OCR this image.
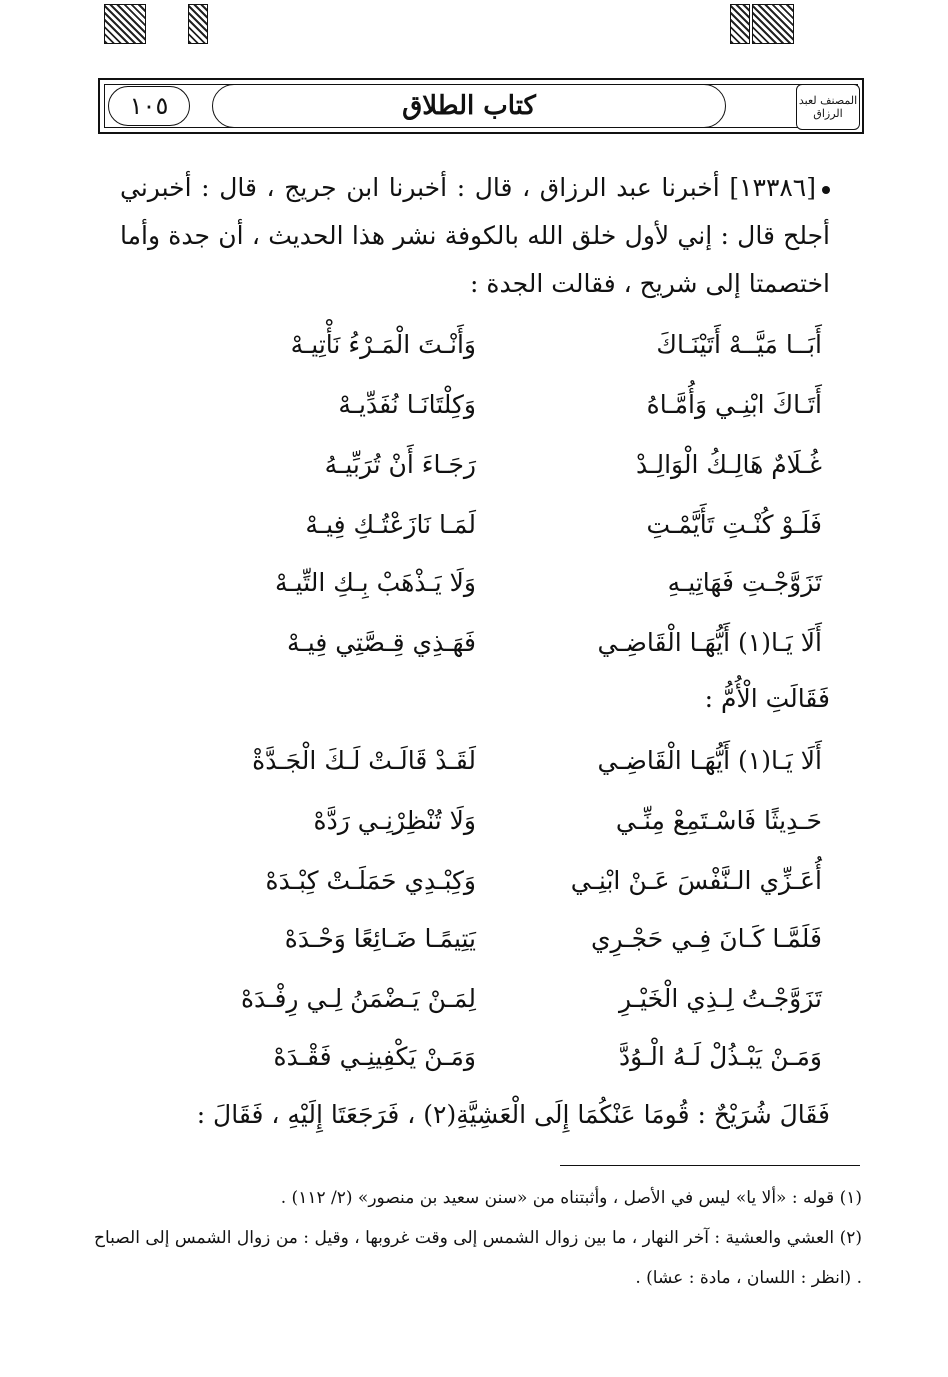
١٠٥	كتاب الطلاق	المصنف لعبد الرزاق
[١٣٣٨٦] أخبرنا عبد الرزاق ، قال : أخبرنا ابن جريج ، قال : أخبرني أجلح قال : إني لأول خلق الله بالكوفة نشر هذا الحديث ، أن جدة وأما اختصمتا إلى شريح ، فقالت الجدة :
أَبَــا مَيَّــهْ أَتَيْنَـاكَ
وَأَنْـتَ الْمَـرْءُ نَأْتِيـهْ
أَتَـاكَ ابْنِـي وَأُمَّـاهُ
وَكِلْتَانَـا نُفَدِّيـهْ
غُـلَامٌ هَالِـكُ الْوَالِـدْ
رَجَـاءَ أَنْ تُرَبِّيـهُ
فَلَـوْ كُنْـتِ تَأَيَّمْـتِ
لَمَـا نَازَعْتُـكِ فِيـهْ
تَزَوَّجْـتِ فَهَاتِيـهِ
وَلَا يَـذْهَبْ بِـكِ التِّيـهْ
أَلَا يَـا(١) أَيُّهَـا الْقَاضِـي
فَهَـذِي قِـصَّتِي فِيـهْ
فَقَالَتِ الْأُمُّ :
أَلَا يَـا(١) أَيُّهَـا الْقَاضِـي
لَقَـدْ قَالَـتْ لَـكَ الْجَـدَّةْ
حَـدِيثًا فَاسْـتَمِعْ مِنِّـي
وَلَا تُنْظِرْنِـي رَدَّهْ
أُعَـزِّي الـنَّفْسَ عَـنْ ابْنِـي
وَكِبْـدِي حَمَلَـتْ كِبْـدَهْ
فَلَمَّـا كَـانَ فِـي حَجْـرِي
يَتِيمًـا ضَـائِعًا وَحْـدَهْ
تَزَوَّجْـتُ لِـذِي الْخَيْـرِ
لِمَـنْ يَـضْمَنُ لِـي رِفْـدَهْ
وَمَـنْ يَبْـذُلْ لَـهُ الْـوُدَّ
وَمَـنْ يَكْفِينِـي فَقْـدَهْ
فَقَالَ شُرَيْحٌ : قُومَا عَنْكُمَا إِلَى الْعَشِيَّةِ(٢) ، فَرَجَعَتَا إِلَيْهِ ، فَقَالَ :
(١) قوله : «ألا يا» ليس في الأصل ، وأثبتناه من «سنن سعيد بن منصور» (٢/ ١١٢) .
(٢) العشي والعشية : آخر النهار ، ما بين زوال الشمس إلى وقت غروبها ، وقيل : من زوال الشمس إلى الصباح . (انظر : اللسان ، مادة : عشا) .
